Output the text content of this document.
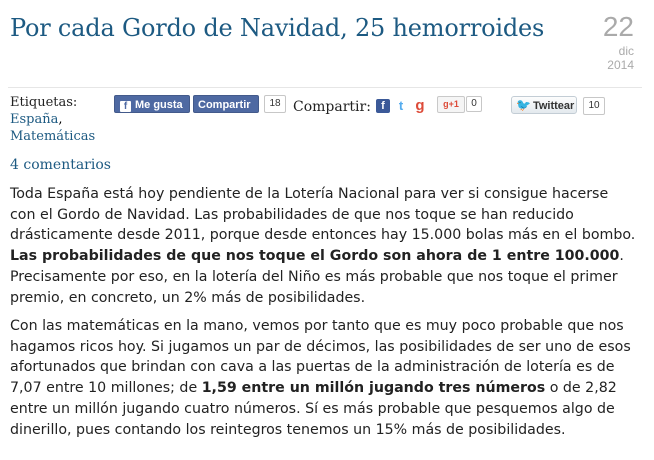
Por cada Gordo de Navidad, 25 hemorroides	22
dic
2014
Etiquetas:
España,
Matemáticas
f Me gusta	Compartir	18 Compartir: f	t g	g+1	0	🐦 Twittear	10
4 comentarios

Toda España está hoy pendiente de la Lotería Nacional para ver si consigue hacerse con el Gordo de Navidad. Las probabilidades de que nos toque se han reducido drásticamente desde 2011, porque desde entonces hay 15.000 bolas más en el bombo. Las probabilidades de que nos toque el Gordo son ahora de 1 entre 100.000. Precisamente por eso, en la lotería del Niño es más probable que nos toque el primer premio, en concreto, un 2% más de posibilidades.

Con las matemáticas en la mano, vemos por tanto que es muy poco probable que nos hagamos ricos hoy. Si jugamos un par de décimos, las posibilidades de ser uno de esos afortunados que brindan con cava a las puertas de la administración de lotería es de 7,07 entre 10 millones; de 1,59 entre un millón jugando tres números o de 2,82 entre un millón jugando cuatro números. Sí es más probable que pesquemos algo de dinerillo, pues contando los reintegros tenemos un 15% más de posibilidades.
